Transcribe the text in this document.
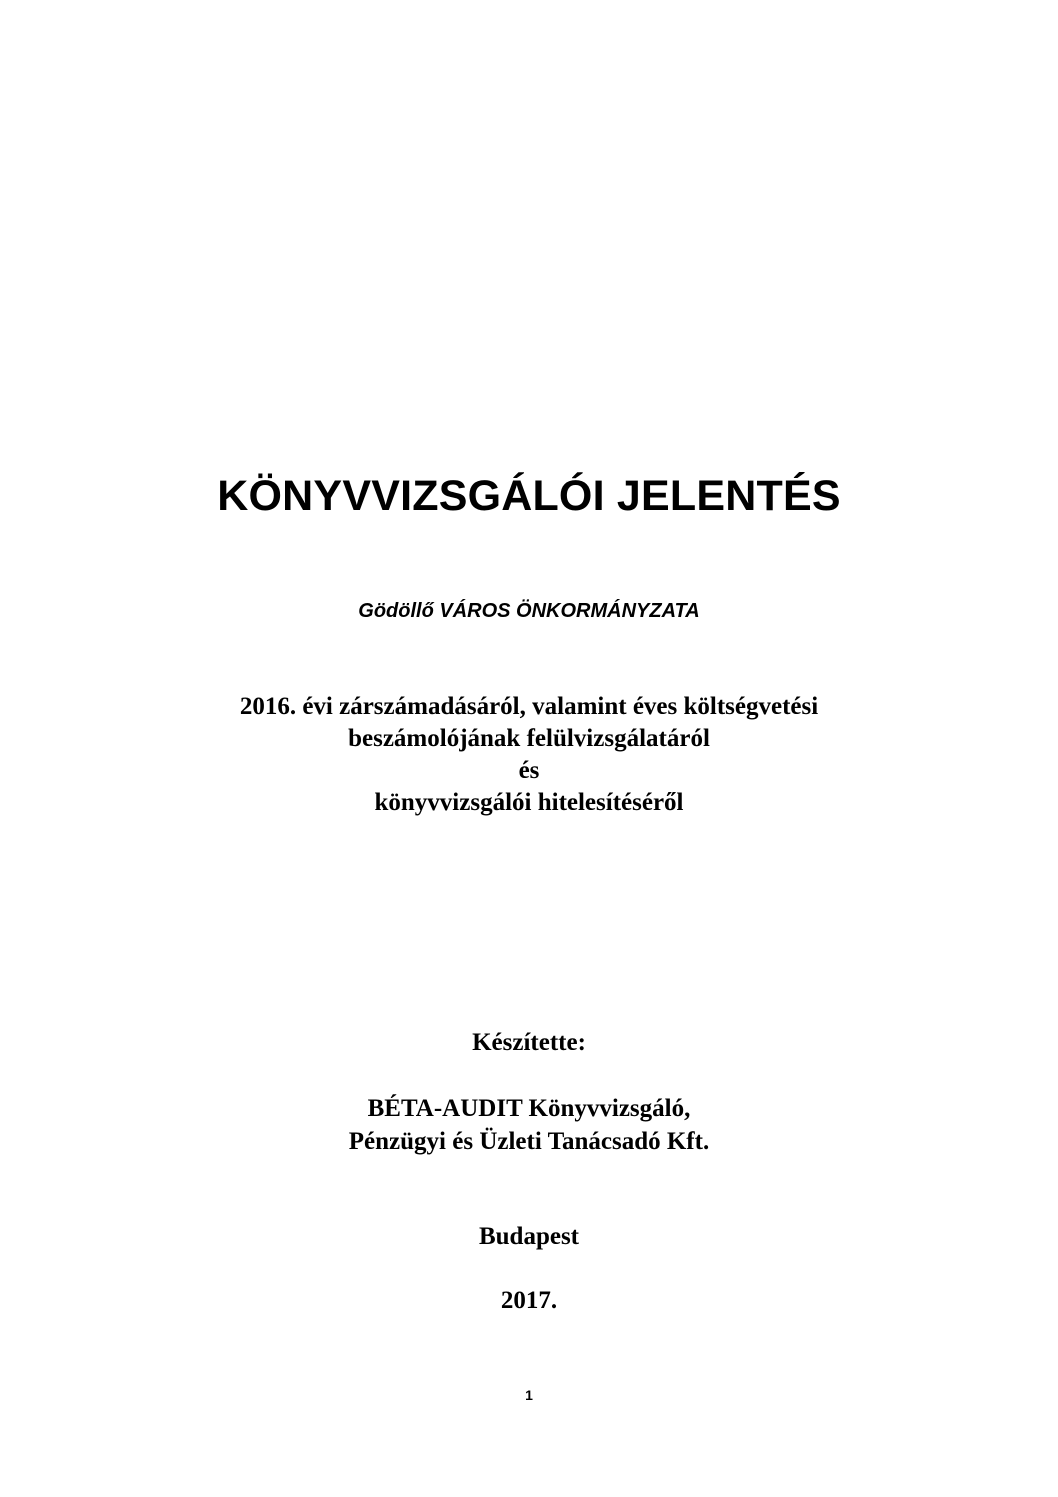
KÖNYVVIZSGÁLÓI JELENTÉS
Gödöllő VÁROS ÖNKORMÁNYZATA
2016. évi zárszámadásáról, valamint éves költségvetési
beszámolójának felülvizsgálatáról
és
könyvvizsgálói hitelesítéséről
Készítette:
BÉTA-AUDIT Könyvvizsgáló,
Pénzügyi és Üzleti Tanácsadó Kft.
Budapest
2017.
1
